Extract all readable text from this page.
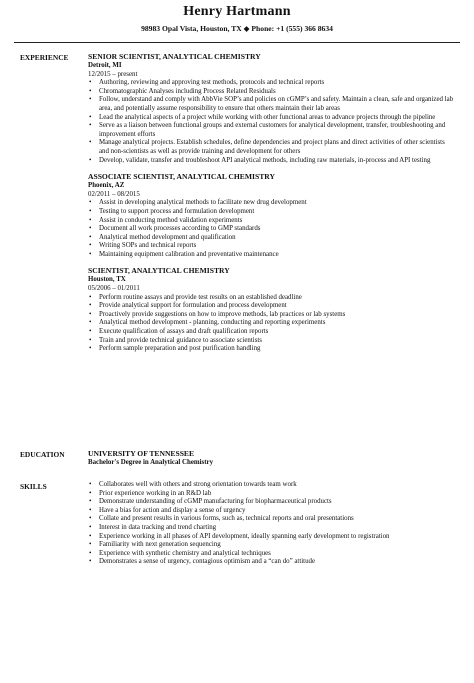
Henry Hartmann
98983 Opal Vista, Houston, TX ◆ Phone: +1 (555) 366 8634
EXPERIENCE	SENIOR SCIENTIST, ANALYTICAL CHEMISTRY
Detroit, MI
12/2015 – present
• Authoring, reviewing and approving test methods, protocols and technical reports
• Chromatographic Analyses including Process Related Residuals
• Follow, understand and comply with AbbVie SOP’s and policies on cGMP’s and safety. Maintain a clean, safe and organized lab area, and potentially assume responsibility to ensure that others maintain their lab areas
• Lead the analytical aspects of a project while working with other functional areas to advance projects through the pipeline
• Serve as a liaison between functional groups and external customers for analytical development, transfer, troubleshooting and improvement efforts
• Manage analytical projects. Establish schedules, define dependencies and project plans and direct activities of other scientists and non-scientists as well as provide training and development for others
• Develop, validate, transfer and troubleshoot API analytical methods, including raw materials, in-process and API testing
ASSOCIATE SCIENTIST, ANALYTICAL CHEMISTRY
Phoenix, AZ
02/2011 – 08/2015
• Assist in developing analytical methods to facilitate new drug development
• Testing to support process and formulation development
• Assist in conducting method validation experiments
• Document all work processes according to GMP standards
• Analytical method development and qualification
• Writing SOPs and technical reports
• Maintaining equipment calibration and preventative maintenance
SCIENTIST, ANALYTICAL CHEMISTRY
Houston, TX
05/2006 – 01/2011
• Perform routine assays and provide test results on an established deadline
• Provide analytical support for formulation and process development
• Proactively provide suggestions on how to improve methods, lab practices or lab systems
• Analytical method development - planning, conducting and reporting experiments
• Execute qualification of assays and draft qualification reports
• Train and provide technical guidance to associate scientists
• Perform sample preparation and post purification handling
EDUCATION	UNIVERSITY OF TENNESSEE
Bachelor's Degree in Analytical Chemistry
SKILLS
•	Collaborates well with others and strong orientation towards team work
• Prior experience working in an R&D lab
• Demonstrate understanding of cGMP manufacturing for biopharmaceutical products
• Have a bias for action and display a sense of urgency
• Collate and present results in various forms, such as, technical reports and oral presentations
• Interest in data tracking and trend charting
• Experience working in all phases of API development, ideally spanning early development to registration
• Familiarity with next generation sequencing
• Experience with synthetic chemistry and analytical techniques
• Demonstrates a sense of urgency, contagious optimism and a “can do” attitude
